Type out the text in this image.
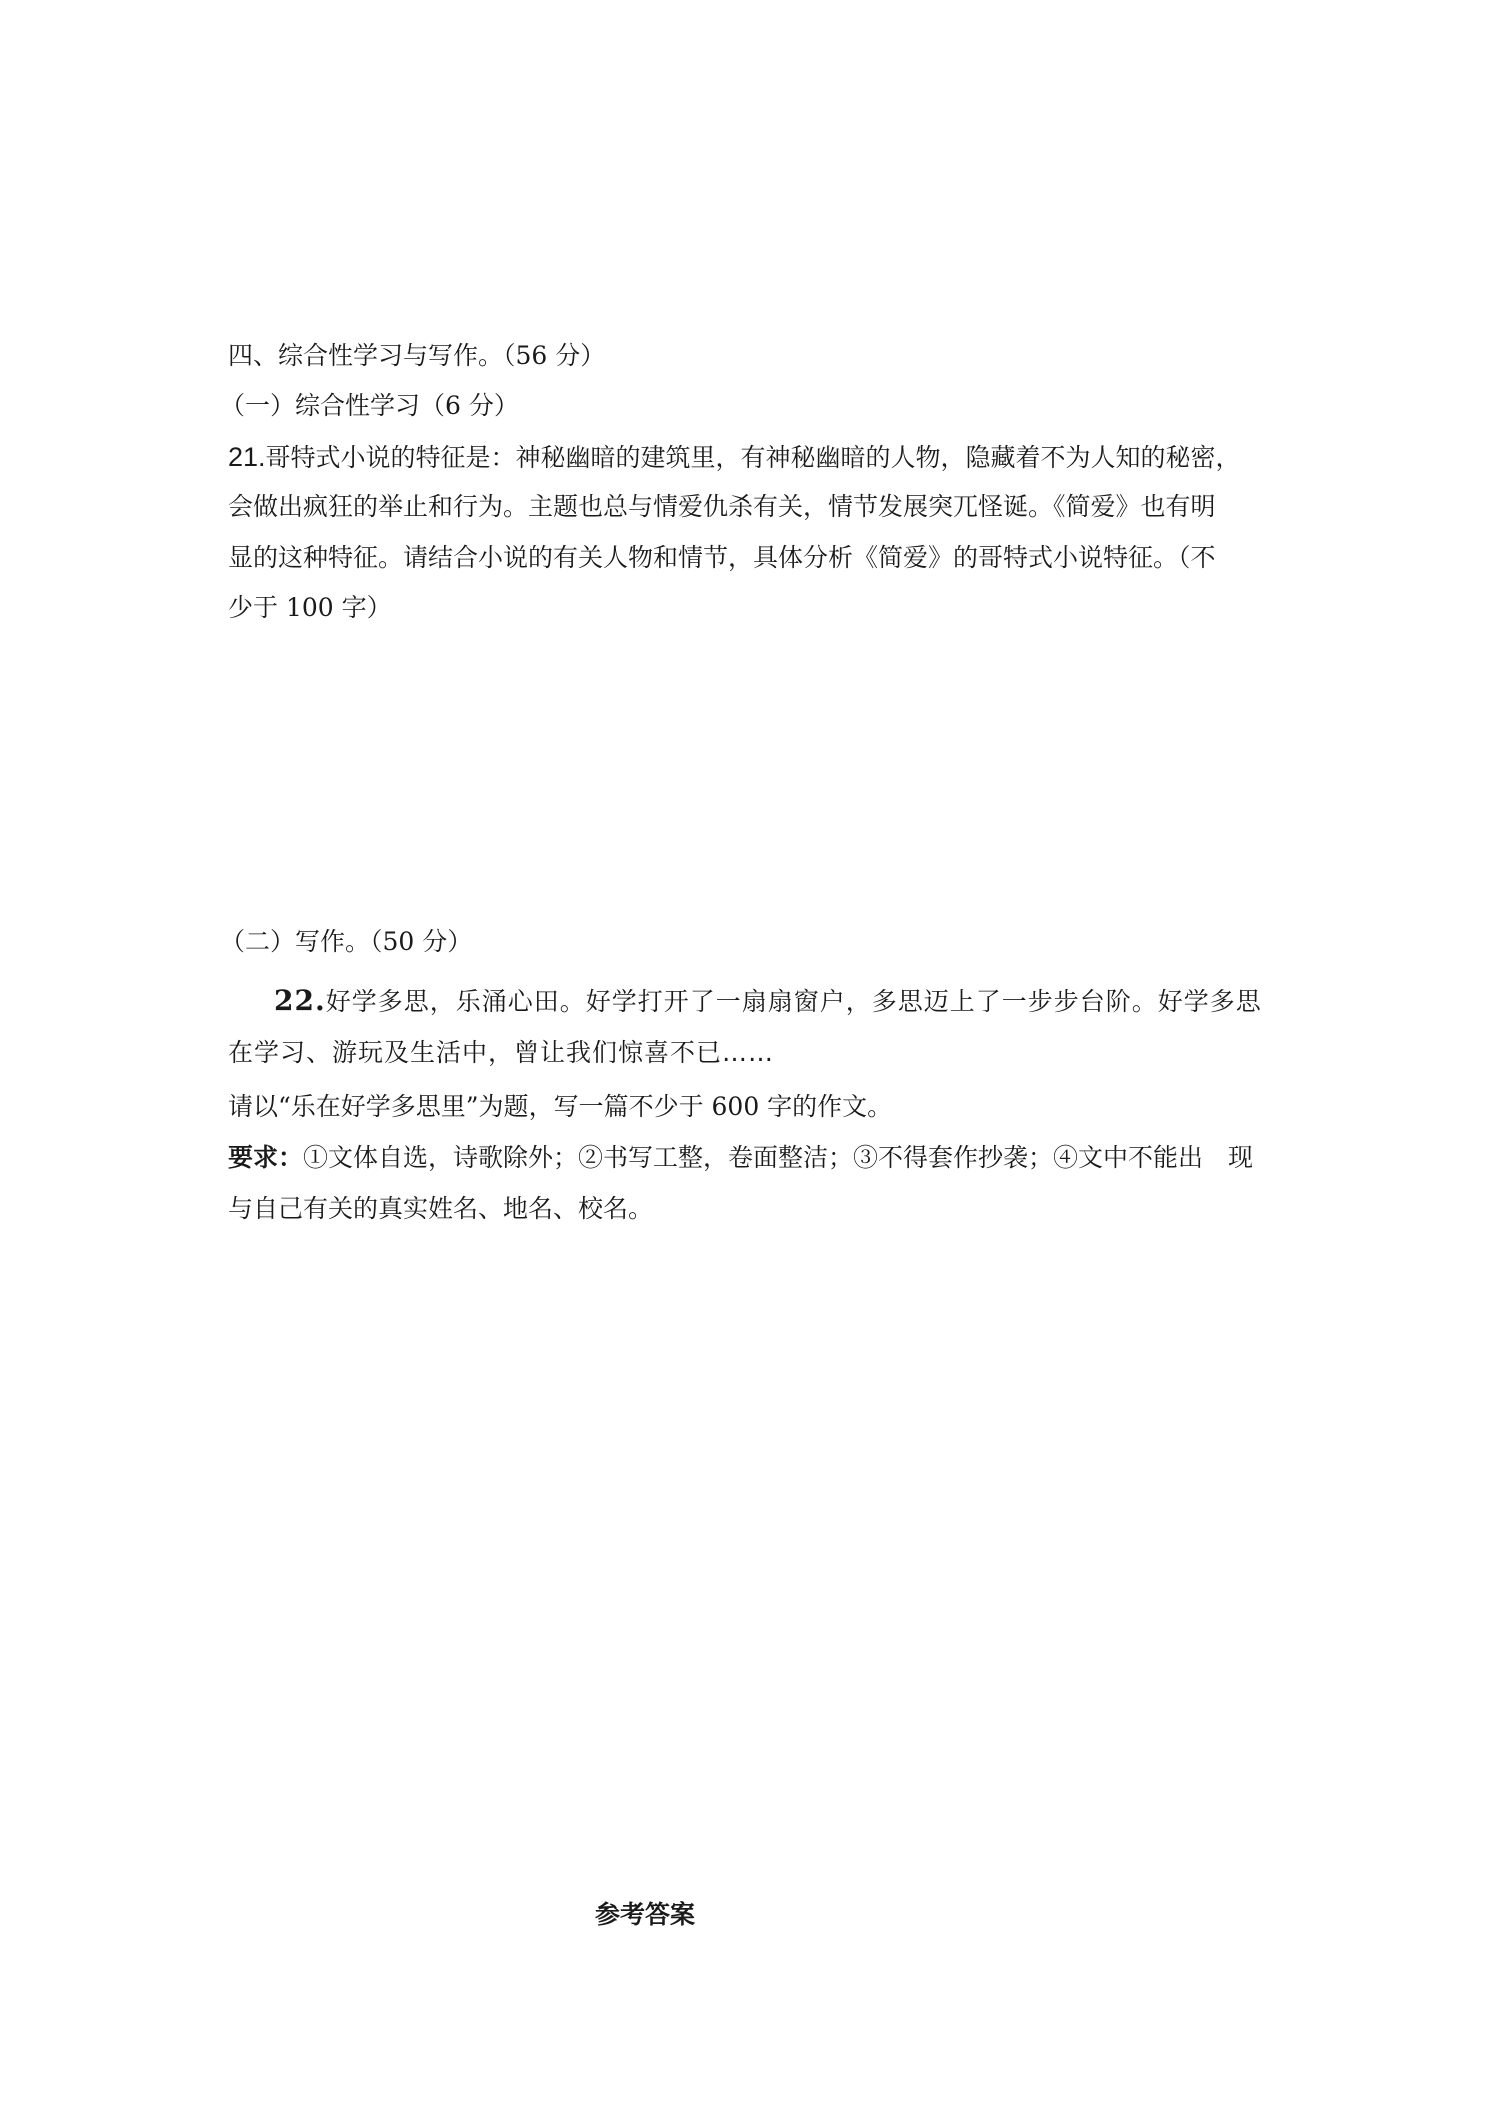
四、综合性学习与写作。（56 分）
（一）综合性学习（6 分）
21.哥特式小说的特征是：神秘幽暗的建筑里，有神秘幽暗的人物，隐藏着不为人知的秘密，
会做出疯狂的举止和行为。主题也总与情爱仇杀有关，情节发展突兀怪诞。《简爱》也有明
显的这种特征。请结合小说的有关人物和情节，具体分析《简爱》的哥特式小说特征。（不
少于 100 字）
（二）写作。（50 分）
22.好学多思，乐涌心田。好学打开了一扇扇窗户，多思迈上了一步步台阶。好学多思
在学习、游玩及生活中，曾让我们惊喜不已……
请以“乐在好学多思里”为题，写一篇不少于 600 字的作文。
要求：①文体自选，诗歌除外；②书写工整，卷面整洁；③不得套作抄袭；④文中不能出　现
与自己有关的真实姓名、地名、校名。
参考答案
